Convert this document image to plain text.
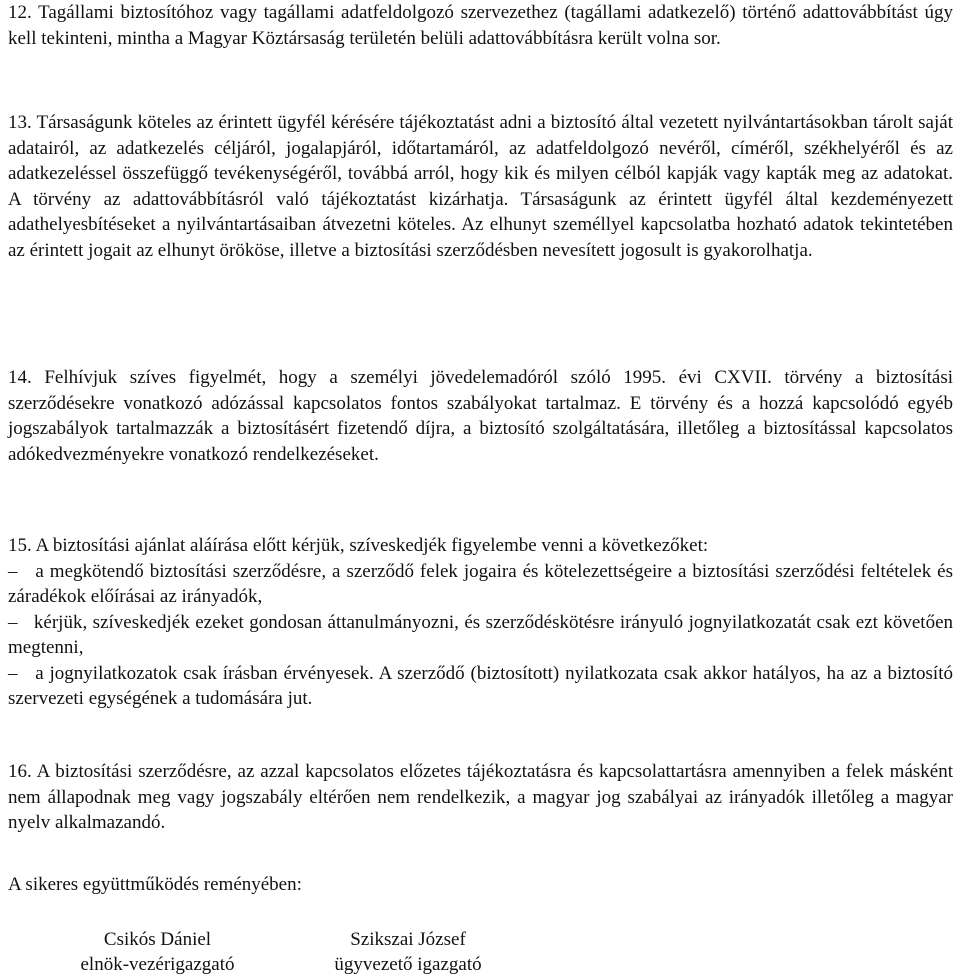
12. Tagállami biztosítóhoz vagy tagállami adatfeldolgozó szervezethez (tagállami adatkezelő) történő adattovábbítást úgy kell tekinteni, mintha a Magyar Köztársaság területén belüli adattovábbításra került volna sor.

13. Társaságunk köteles az érintett ügyfél kérésére tájékoztatást adni a biztosító által vezetett nyilvántartásokban tárolt saját adatairól, az adatkezelés céljáról, jogalapjáról, időtartamáról, az adatfeldolgozó nevéről, címéről, székhelyéről és az adatkezeléssel összefüggő tevékenységéről, továbbá arról, hogy kik és milyen célból kapják vagy kapták meg az adatokat. A törvény az adattovábbításról való tájékoztatást kizárhatja. Társaságunk az érintett ügyfél által kezdeményezett adathelyesbítéseket a nyilvántartásaiban átvezetni köteles. Az elhunyt személlyel kapcsolatba hozható adatok tekintetében az érintett jogait az elhunyt örököse, illetve a biztosítási szerződésben nevesített jogosult is gyakorolhatja.

14. Felhívjuk szíves figyelmét, hogy a személyi jövedelemadóról szóló 1995. évi CXVII. törvény a biztosítási szerződésekre vonatkozó adózással kapcsolatos fontos szabályokat tartalmaz. E törvény és a hozzá kapcsolódó egyéb jogszabályok tartalmazzák a biztosításért fizetendő díjra, a biztosító szolgáltatására, illetőleg a biztosítással kapcsolatos adókedvezményekre vonatkozó rendelkezéseket.

15. A biztosítási ajánlat aláírása előtt kérjük, szíveskedjék figyelembe venni a következőket:
– a megkötendő biztosítási szerződésre, a szerződő felek jogaira és kötelezettségeire a biztosítási szerződési feltételek és záradékok előírásai az irányadók,
– kérjük, szíveskedjék ezeket gondosan áttanulmányozni, és szerződéskötésre irányuló jognyilatkozatát csak ezt követően megtenni,
– a jognyilatkozatok csak írásban érvényesek. A szerződő (biztosított) nyilatkozata csak akkor hatályos, ha az a biztosító szervezeti egységének a tudomására jut.

16. A biztosítási szerződésre, az azzal kapcsolatos előzetes tájékoztatásra és kapcsolattartásra amennyiben a felek másként nem állapodnak meg vagy jogszabály eltérően nem rendelkezik, a magyar jog szabályai az irányadók illetőleg a magyar nyelv alkalmazandó.

A sikeres együttműködés reményében:

Csikós Dániel
elnök-vezérigazgató
Szikszai József
ügyvezető igazgató
